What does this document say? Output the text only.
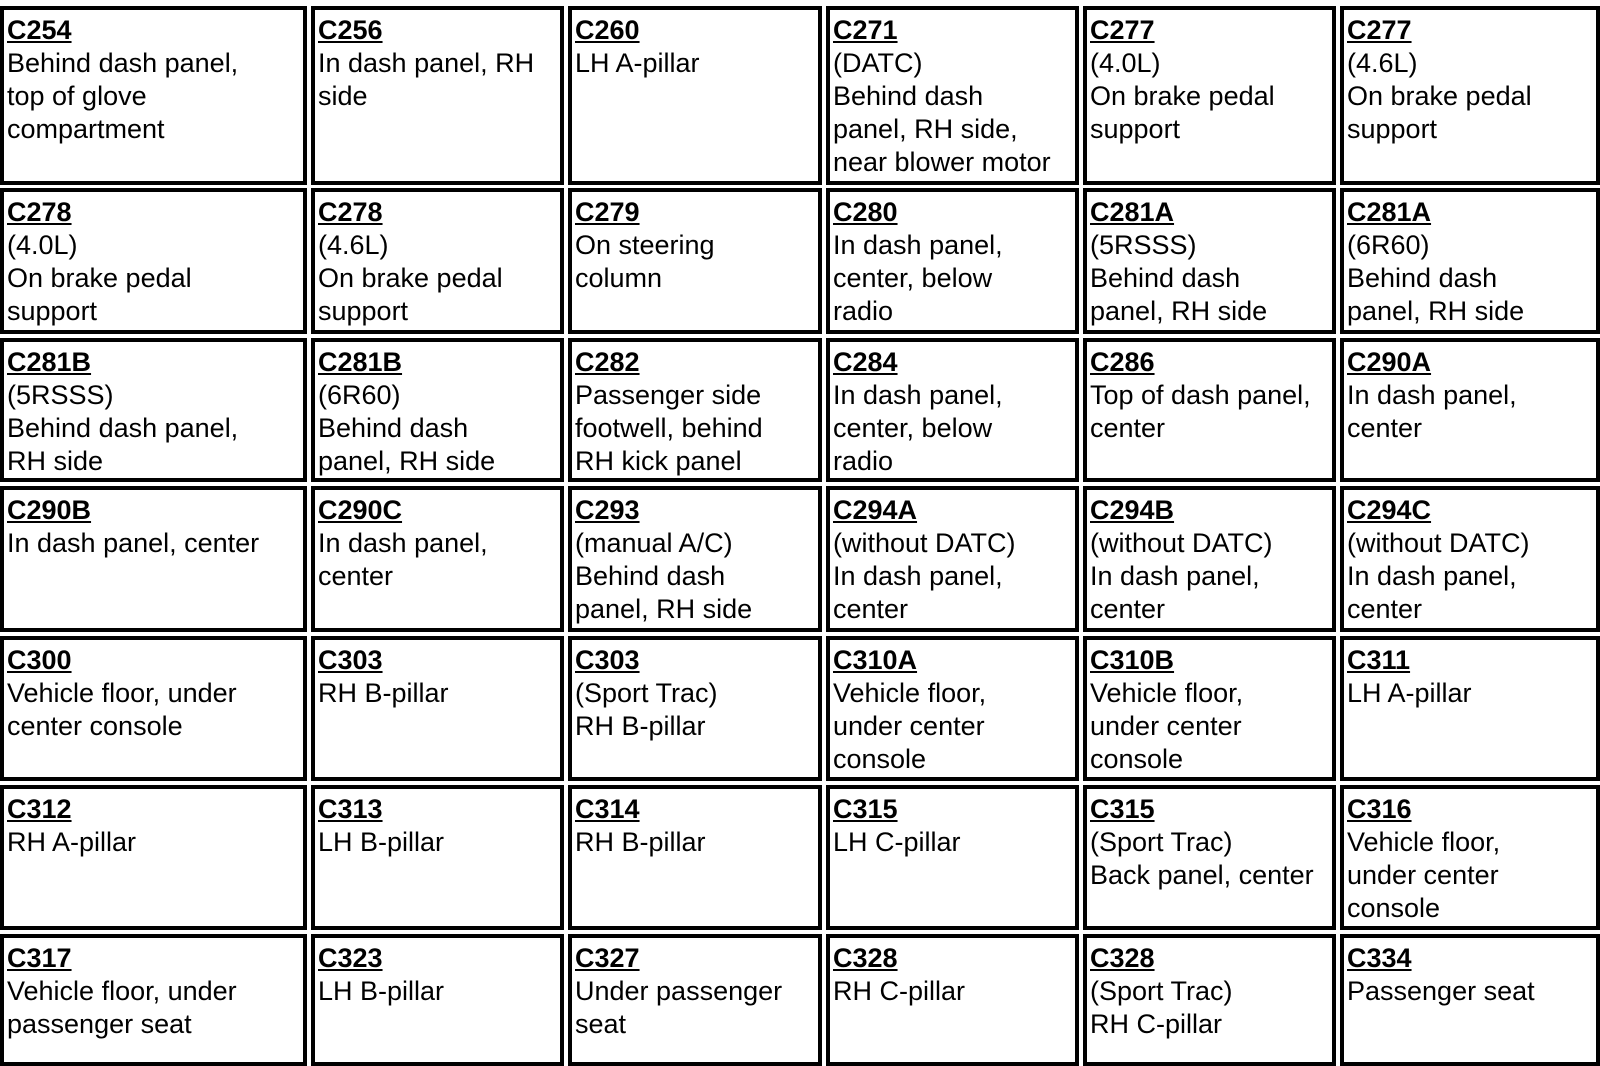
C254
Behind dash panel,
top of glove
compartment
C256
In dash panel, RH
side
C260
LH A-pillar
C271
(DATC)
Behind dash
panel, RH side,
near blower motor
C277
(4.0L)
On brake pedal
support
C277
(4.6L)
On brake pedal
support
C278
(4.0L)
On brake pedal
support
C278
(4.6L)
On brake pedal
support
C279
On steering
column
C280
In dash panel,
center, below
radio
C281A
(5RSSS)
Behind dash
panel, RH side
C281A
(6R60)
Behind dash
panel, RH side
C281B
(5RSSS)
Behind dash panel,
RH side
C281B
(6R60)
Behind dash
panel, RH side
C282
Passenger side
footwell, behind
RH kick panel
C284
In dash panel,
center, below
radio
C286
Top of dash panel,
center
C290A
In dash panel,
center
C290B
In dash panel, center
C290C
In dash panel,
center
C293
(manual A/C)
Behind dash
panel, RH side
C294A
(without DATC)
In dash panel,
center
C294B
(without DATC)
In dash panel,
center
C294C
(without DATC)
In dash panel,
center
C300
Vehicle floor, under
center console
C303
RH B-pillar
C303
(Sport Trac)
RH B-pillar
C310A
Vehicle floor,
under center
console
C310B
Vehicle floor,
under center
console
C311
LH A-pillar
C312
RH A-pillar
C313
LH B-pillar
C314
RH B-pillar
C315
LH C-pillar
C315
(Sport Trac)
Back panel, center
C316
Vehicle floor,
under center
console
C317
Vehicle floor, under
passenger seat
C323
LH B-pillar
C327
Under passenger
seat
C328
RH C-pillar
C328
(Sport Trac)
RH C-pillar
C334
Passenger seat
